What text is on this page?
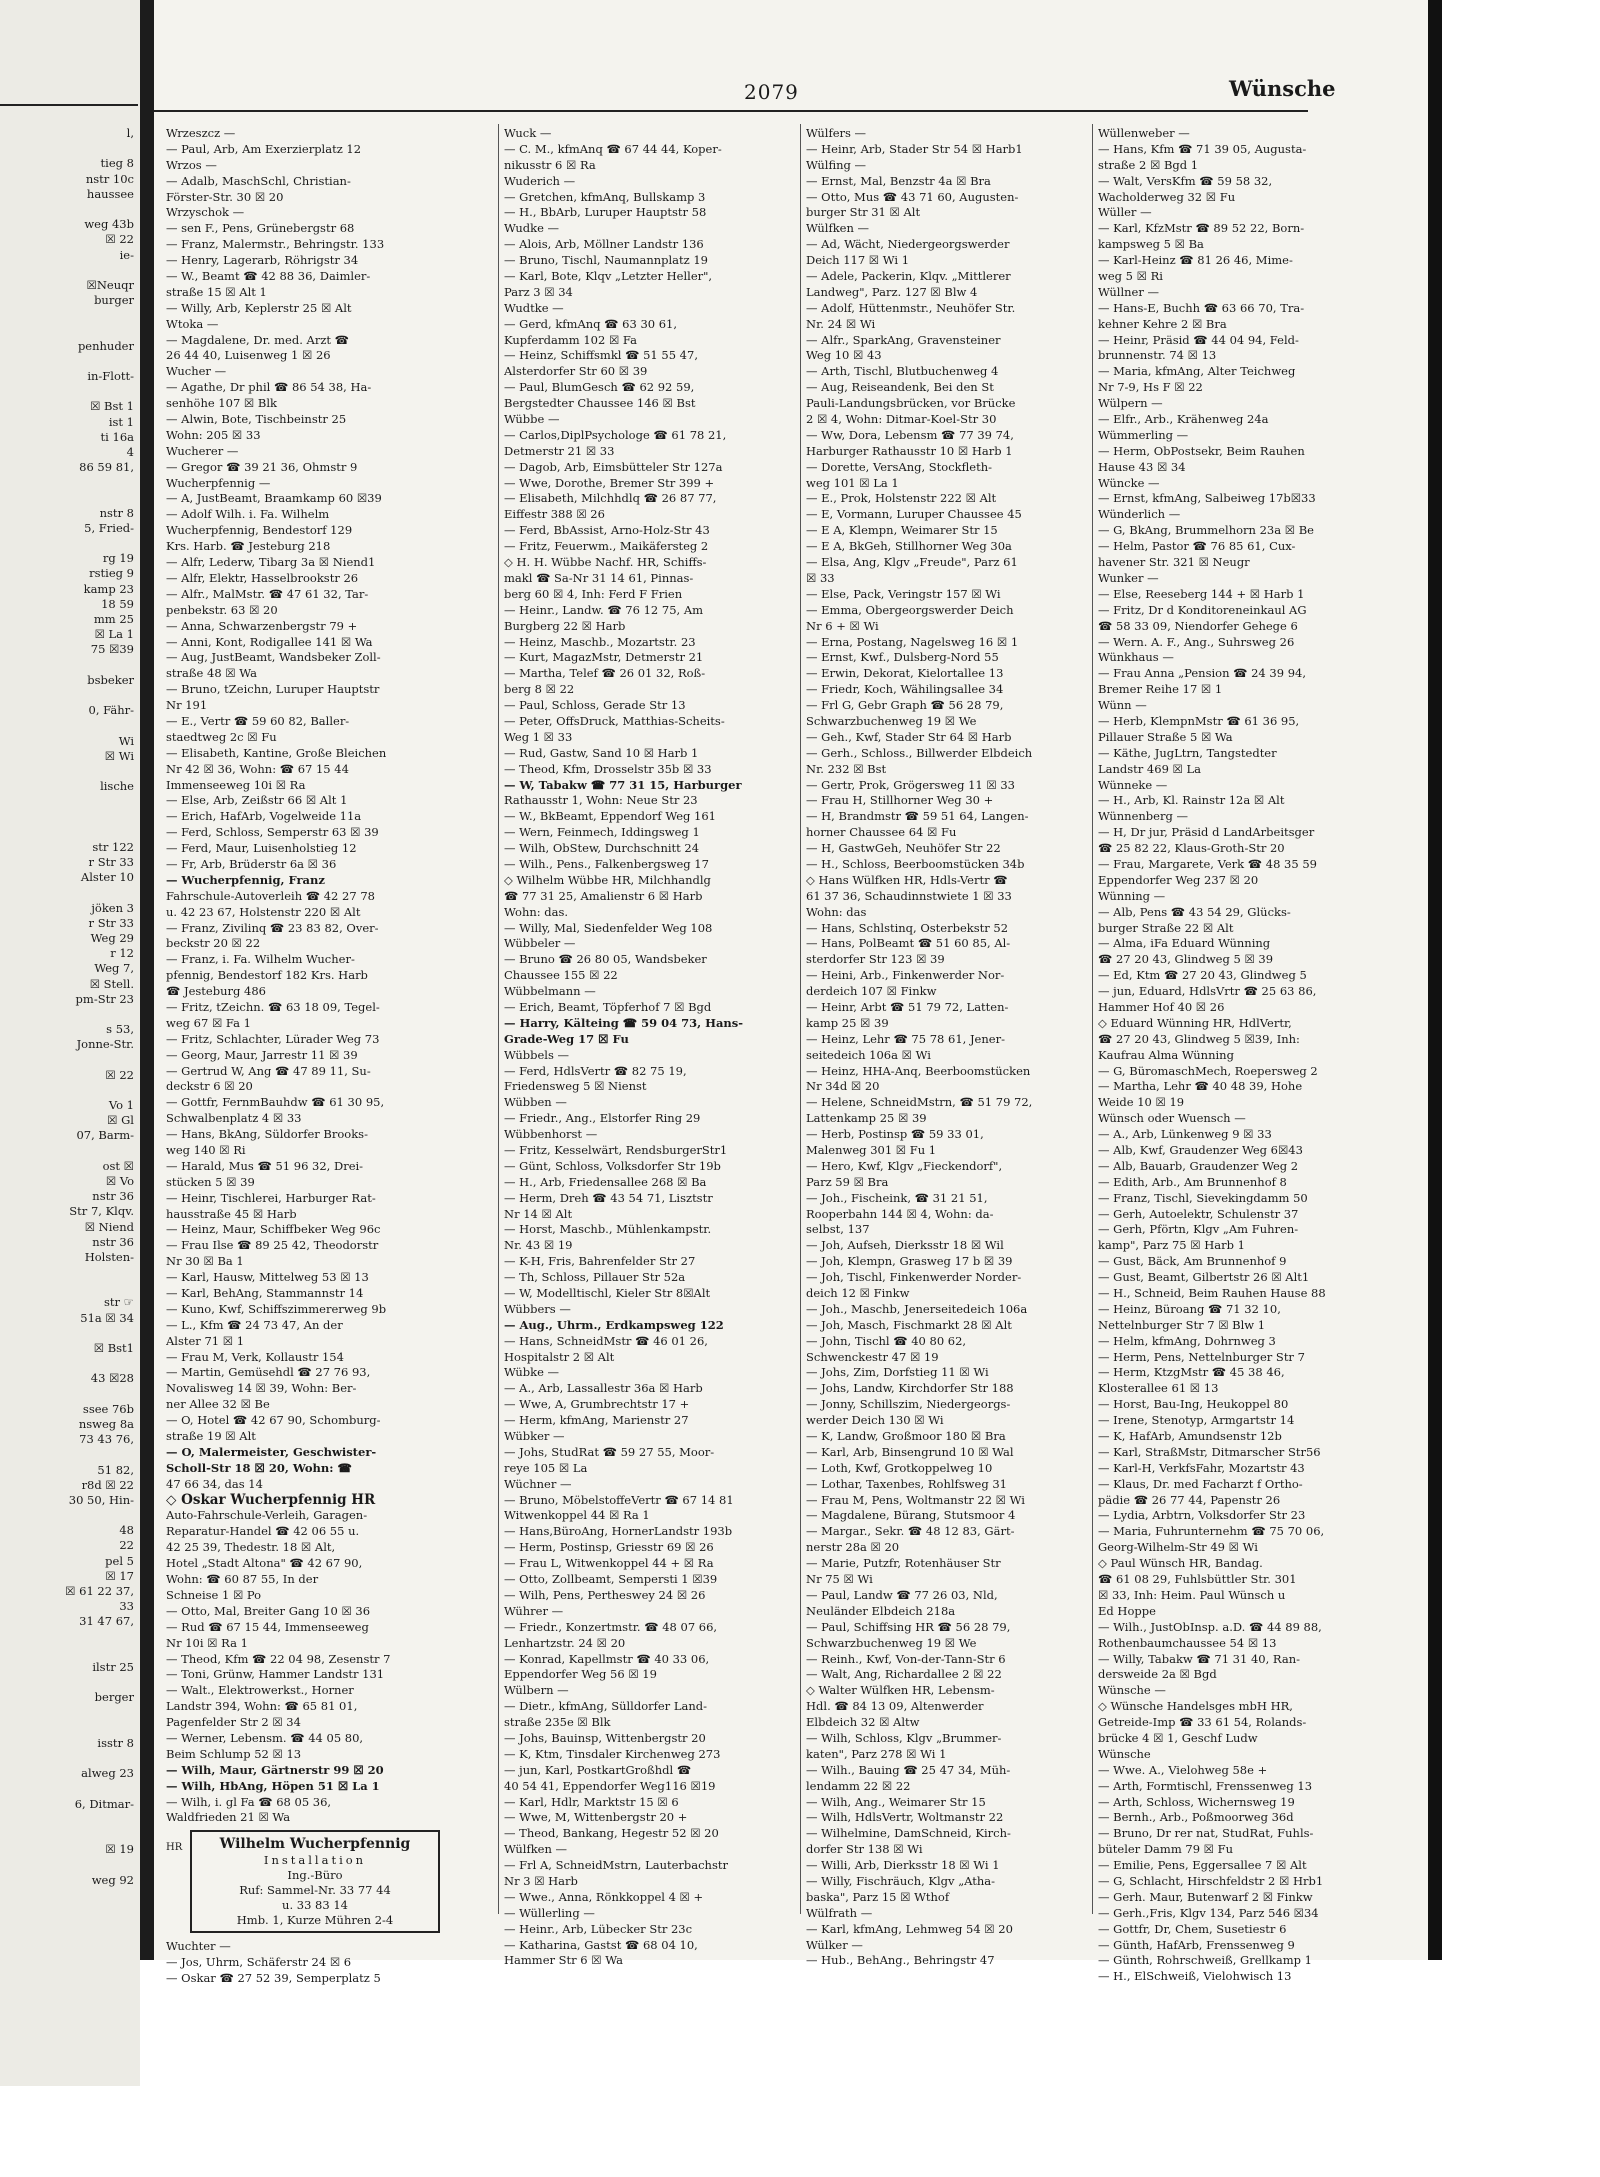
l,
tieg 8
nstr 10c
haussee
weg 43b
☒ 22
ie-
☒Neuqr
burger
penhuder
in-Flott-
☒ Bst 1
ist 1
ti 16a
4
86 59 81,
nstr 8
5, Fried-
rg 19
rstieg 9
kamp 23
18 59
mm 25
☒ La 1
75 ☒39
bsbeker
0, Fähr-
Wi
☒ Wi
lische
str 122
r Str 33
Alster 10
jöken 3
r Str 33
Weg 29
r 12
Weg 7,
☒ Stell.
pm-Str 23
s 53,
Jonne-Str.
☒ 22
Vo 1
☒ Gl
07, Barm-
ost ☒
☒ Vo
nstr 36
Str 7, Klqv.
☒ Niend
nstr 36
Holsten-
str ☞
51a ☒ 34
☒ Bst1
43 ☒28
ssee 76b
nsweg 8a
73 43 76,
51 82,
r8d ☒ 22
30 50, Hin-
48
22
pel 5
☒ 17
☒ 61 22 37,
33
31 47 67,
ilstr 25
berger
isstr 8
alweg 23
6, Ditmar-
☒ 19
weg 92
2079	Wünsche
Wrzeszcz —
— Paul, Arb, Am Exerzierplatz 12
Wrzos —
— Adalb, MaschSchl, Christian-
Förster-Str. 30 ☒ 20
Wrzyschok —
— sen F., Pens, Grünebergstr 68
— Franz, Malermstr., Behringstr. 133
— Henry, Lagerarb, Röhrigstr 34
— W., Beamt ☎ 42 88 36, Daimler-
straße 15 ☒ Alt 1
— Willy, Arb, Keplerstr 25 ☒ Alt
Wtoka —
— Magdalene, Dr. med. Arzt ☎
26 44 40, Luisenweg 1 ☒ 26
Wucher —
— Agathe, Dr phil ☎ 86 54 38, Ha-
senhöhe 107 ☒ Blk
— Alwin, Bote, Tischbeinstr 25
Wohn: 205 ☒ 33
Wucherer —
— Gregor ☎ 39 21 36, Ohmstr 9
Wucherpfennig —
— A, JustBeamt, Braamkamp 60 ☒39
— Adolf Wilh. i. Fa. Wilhelm
Wucherpfennig, Bendestorf 129
Krs. Harb. ☎ Jesteburg 218
— Alfr, Lederw, Tibarg 3a ☒ Niend1
— Alfr, Elektr, Hasselbrookstr 26
— Alfr., MalMstr. ☎ 47 61 32, Tar-
penbekstr. 63 ☒ 20
— Anna, Schwarzenbergstr 79 +
— Anni, Kont, Rodigallee 141 ☒ Wa
— Aug, JustBeamt, Wandsbeker Zoll-
straße 48 ☒ Wa
— Bruno, tZeichn, Luruper Hauptstr
Nr 191
— E., Vertr ☎ 59 60 82, Baller-
staedtweg 2c ☒ Fu
— Elisabeth, Kantine, Große Bleichen
Nr 42 ☒ 36, Wohn: ☎ 67 15 44
Immenseeweg 10i ☒ Ra
— Else, Arb, Zeißstr 66 ☒ Alt 1
— Erich, HafArb, Vogelweide 11a
— Ferd, Schloss, Semperstr 63 ☒ 39
— Ferd, Maur, Luisenholstieg 12
— Fr, Arb, Brüderstr 6a ☒ 36
— Wucherpfennig, Franz
Fahrschule-Autoverleih ☎ 42 27 78
u. 42 23 67, Holstenstr 220 ☒ Alt
— Franz, Zivilinq ☎ 23 83 82, Over-
beckstr 20 ☒ 22
— Franz, i. Fa. Wilhelm Wucher-
pfennig, Bendestorf 182 Krs. Harb
☎ Jesteburg 486
— Fritz, tZeichn. ☎ 63 18 09, Tegel-
weg 67 ☒ Fa 1
— Fritz, Schlachter, Lürader Weg 73
— Georg, Maur, Jarrestr 11 ☒ 39
— Gertrud W, Ang ☎ 47 89 11, Su-
deckstr 6 ☒ 20
— Gottfr, FernmBauhdw ☎ 61 30 95,
Schwalbenplatz 4 ☒ 33
— Hans, BkAng, Süldorfer Brooks-
weg 140 ☒ Ri
— Harald, Mus ☎ 51 96 32, Drei-
stücken 5 ☒ 39
— Heinr, Tischlerei, Harburger Rat-
hausstraße 45 ☒ Harb
— Heinz, Maur, Schiffbeker Weg 96c
— Frau Ilse ☎ 89 25 42, Theodorstr
Nr 30 ☒ Ba 1
— Karl, Hausw, Mittelweg 53 ☒ 13
— Karl, BehAng, Stammannstr 14
— Kuno, Kwf, Schiffszimmererweg 9b
— L., Kfm ☎ 24 73 47, An der
Alster 71 ☒ 1
— Frau M, Verk, Kollaustr 154
— Martin, Gemüsehdl ☎ 27 76 93,
Novalisweg 14 ☒ 39, Wohn: Ber-
ner Allee 32 ☒ Be
— O, Hotel ☎ 42 67 90, Schomburg-
straße 19 ☒ Alt
— O, Malermeister, Geschwister-
Scholl-Str 18 ☒ 20, Wohn: ☎
47 66 34, das 14
◇ Oskar Wucherpfennig HR
Auto-Fahrschule-Verleih, Garagen-
Reparatur-Handel ☎ 42 06 55 u.
42 25 39, Thedestr. 18 ☒ Alt,
Hotel „Stadt Altona" ☎ 42 67 90,
Wohn: ☎ 60 87 55, In der
Schneise 1 ☒ Po
— Otto, Mal, Breiter Gang 10 ☒ 36
— Rud ☎ 67 15 44, Immenseeweg
Nr 10i ☒ Ra 1
— Theod, Kfm ☎ 22 04 98, Zesenstr 7
— Toni, Grünw, Hammer Landstr 131
— Walt., Elektrowerkst., Horner
Landstr 394, Wohn: ☎ 65 81 01,
Pagenfelder Str 2 ☒ 34
— Werner, Lebensm. ☎ 44 05 80,
Beim Schlump 52 ☒ 13
— Wilh, Maur, Gärtnerstr 99 ☒ 20
— Wilh, HbAng, Höpen 51 ☒ La 1
— Wilh, i. gl Fa ☎ 68 05 36,
Waldfrieden 21 ☒ Wa
HR	Wilhelm Wucherpfennig
Installation
Ing.-Büro
Ruf: Sammel-Nr. 33 77 44
u. 33 83 14
Hmb. 1, Kurze Mühren 2-4
Wuchter —
— Jos, Uhrm, Schäferstr 24 ☒ 6
— Oskar ☎ 27 52 39, Semperplatz 5
Wuck —
— C. M., kfmAnq ☎ 67 44 44, Koper-
nikusstr 6 ☒ Ra
Wuderich —
— Gretchen, kfmAnq, Bullskamp 3
— H., BbArb, Luruper Hauptstr 58
Wudke —
— Alois, Arb, Möllner Landstr 136
— Bruno, Tischl, Naumannplatz 19
— Karl, Bote, Klqv „Letzter Heller",
Parz 3 ☒ 34
Wudtke —
— Gerd, kfmAnq ☎ 63 30 61,
Kupferdamm 102 ☒ Fa
— Heinz, Schiffsmkl ☎ 51 55 47,
Alsterdorfer Str 60 ☒ 39
— Paul, BlumGesch ☎ 62 92 59,
Bergstedter Chaussee 146 ☒ Bst
Wübbe —
— Carlos,DiplPsychologe ☎ 61 78 21,
Detmerstr 21 ☒ 33
— Dagob, Arb, Eimsbütteler Str 127a
— Wwe, Dorothe, Bremer Str 399 +
— Elisabeth, Milchhdlq ☎ 26 87 77,
Eiffestr 388 ☒ 26
— Ferd, BbAssist, Arno-Holz-Str 43
— Fritz, Feuerwm., Maikäfersteg 2
◇ H. H. Wübbe Nachf. HR, Schiffs-
makl ☎ Sa-Nr 31 14 61, Pinnas-
berg 60 ☒ 4, Inh: Ferd F Frien
— Heinr., Landw. ☎ 76 12 75, Am
Burgberg 22 ☒ Harb
— Heinz, Maschb., Mozartstr. 23
— Kurt, MagazMstr, Detmerstr 21
— Martha, Telef ☎ 26 01 32, Roß-
berg 8 ☒ 22
— Paul, Schloss, Gerade Str 13
— Peter, OffsDruck, Matthias-Scheits-
Weg 1 ☒ 33
— Rud, Gastw, Sand 10 ☒ Harb 1
— Theod, Kfm, Drosselstr 35b ☒ 33
— W, Tabakw ☎ 77 31 15, Harburger
Rathausstr 1, Wohn: Neue Str 23
— W., BkBeamt, Eppendorf Weg 161
— Wern, Feinmech, Iddingsweg 1
— Wilh, ObStew, Durchschnitt 24
— Wilh., Pens., Falkenbergsweg 17
◇ Wilhelm Wübbe HR, Milchhandlg
☎ 77 31 25, Amalienstr 6 ☒ Harb
Wohn: das.
— Willy, Mal, Siedenfelder Weg 108
Wübbeler —
— Bruno ☎ 26 80 05, Wandsbeker
Chaussee 155 ☒ 22
Wübbelmann —
— Erich, Beamt, Töpferhof 7 ☒ Bgd
— Harry, Kälteing ☎ 59 04 73, Hans-
Grade-Weg 17 ☒ Fu
Wübbels —
— Ferd, HdlsVertr ☎ 82 75 19,
Friedensweg 5 ☒ Nienst
Wübben —
— Friedr., Ang., Elstorfer Ring 29
Wübbenhorst —
— Fritz, Kesselwärt, RendsburgerStr1
— Günt, Schloss, Volksdorfer Str 19b
— H., Arb, Friedensallee 268 ☒ Ba
— Herm, Dreh ☎ 43 54 71, Lisztstr
Nr 14 ☒ Alt
— Horst, Maschb., Mühlenkampstr.
Nr. 43 ☒ 19
— K-H, Fris, Bahrenfelder Str 27
— Th, Schloss, Pillauer Str 52a
— W, Modelltischl, Kieler Str 8☒Alt
Wübbers —
— Aug., Uhrm., Erdkampsweg 122
— Hans, SchneidMstr ☎ 46 01 26,
Hospitalstr 2 ☒ Alt
Wübke —
— A., Arb, Lassallestr 36a ☒ Harb
— Wwe, A, Grumbrechtstr 17 +
— Herm, kfmAng, Marienstr 27
Wübker —
— Johs, StudRat ☎ 59 27 55, Moor-
reye 105 ☒ La
Wüchner —
— Bruno, MöbelstoffeVertr ☎ 67 14 81
Witwenkoppel 44 ☒ Ra 1
— Hans,BüroAng, HornerLandstr 193b
— Herm, Postinsp, Griesstr 69 ☒ 26
— Frau L, Witwenkoppel 44 + ☒ Ra
— Otto, Zollbeamt, Sempersti 1 ☒39
— Wilh, Pens, Pertheswey 24 ☒ 26
Wührer —
— Friedr., Konzertmstr. ☎ 48 07 66,
Lenhartzstr. 24 ☒ 20
— Konrad, Kapellmstr ☎ 40 33 06,
Eppendorfer Weg 56 ☒ 19
Wülbern —
— Dietr., kfmAng, Sülldorfer Land-
straße 235e ☒ Blk
— Johs, Bauinsp, Wittenbergstr 20
— K, Ktm, Tinsdaler Kirchenweg 273
— jun, Karl, PostkartGroßhdl ☎
40 54 41, Eppendorfer Weg116 ☒19
— Karl, Hdlr, Marktstr 15 ☒ 6
— Wwe, M, Wittenbergstr 20 +
— Theod, Bankang, Hegestr 52 ☒ 20
Wülfken —
— Frl A, SchneidMstrn, Lauterbachstr
Nr 3 ☒ Harb
— Wwe., Anna, Rönkkoppel 4 ☒ +
— Wüllerling —
— Heinr., Arb, Lübecker Str 23c
— Katharina, Gastst ☎ 68 04 10,
Hammer Str 6 ☒ Wa
Wülfers —
— Heinr, Arb, Stader Str 54 ☒ Harb1
Wülfing —
— Ernst, Mal, Benzstr 4a ☒ Bra
— Otto, Mus ☎ 43 71 60, Augusten-
burger Str 31 ☒ Alt
Wülfken —
— Ad, Wächt, Niedergeorgswerder
Deich 117 ☒ Wi 1
— Adele, Packerin, Klqv. „Mittlerer
Landweg", Parz. 127 ☒ Blw 4
— Adolf, Hüttenmstr., Neuhöfer Str.
Nr. 24 ☒ Wi
— Alfr., SparkAng, Gravensteiner
Weg 10 ☒ 43
— Arth, Tischl, Blutbuchenweg 4
— Aug, Reiseandenk, Bei den St
Pauli-Landungsbrücken, vor Brücke
2 ☒ 4, Wohn: Ditmar-Koel-Str 30
— Ww, Dora, Lebensm ☎ 77 39 74,
Harburger Rathausstr 10 ☒ Harb 1
— Dorette, VersAng, Stockfleth-
weg 101 ☒ La 1
— E., Prok, Holstenstr 222 ☒ Alt
— E, Vormann, Luruper Chaussee 45
— E A, Klempn, Weimarer Str 15
— E A, BkGeh, Stillhorner Weg 30a
— Elsa, Ang, Klgv „Freude", Parz 61
☒ 33
— Else, Pack, Veringstr 157 ☒ Wi
— Emma, Obergeorgswerder Deich
Nr 6 + ☒ Wi
— Erna, Postang, Nagelsweg 16 ☒ 1
— Ernst, Kwf., Dulsberg-Nord 55
— Erwin, Dekorat, Kielortallee 13
— Friedr, Koch, Wähilingsallee 34
— Frl G, Gebr Graph ☎ 56 28 79,
Schwarzbuchenweg 19 ☒ We
— Geh., Kwf, Stader Str 64 ☒ Harb
— Gerh., Schloss., Billwerder Elbdeich
Nr. 232 ☒ Bst
— Gertr, Prok, Grögersweg 11 ☒ 33
— Frau H, Stillhorner Weg 30 +
— H, Brandmstr ☎ 59 51 64, Langen-
horner Chaussee 64 ☒ Fu
— H, GastwGeh, Neuhöfer Str 22
— H., Schloss, Beerboomstücken 34b
◇ Hans Wülfken HR, Hdls-Vertr ☎
61 37 36, Schaudinnstwiete 1 ☒ 33
Wohn: das
— Hans, Schlstinq, Osterbekstr 52
— Hans, PolBeamt ☎ 51 60 85, Al-
sterdorfer Str 123 ☒ 39
— Heini, Arb., Finkenwerder Nor-
derdeich 107 ☒ Finkw
— Heinr, Arbt ☎ 51 79 72, Latten-
kamp 25 ☒ 39
— Heinz, Lehr ☎ 75 78 61, Jener-
seitedeich 106a ☒ Wi
— Heinz, HHA-Anq, Beerboomstücken
Nr 34d ☒ 20
— Helene, SchneidMstrn, ☎ 51 79 72,
Lattenkamp 25 ☒ 39
— Herb, Postinsp ☎ 59 33 01,
Malenweg 301 ☒ Fu 1
— Hero, Kwf, Klgv „Fieckendorf",
Parz 59 ☒ Bra
— Joh., Fischeink, ☎ 31 21 51,
Rooperbahn 144 ☒ 4, Wohn: da-
selbst, 137
— Joh, Aufseh, Dierksstr 18 ☒ Wil
— Joh, Klempn, Grasweg 17 b ☒ 39
— Joh, Tischl, Finkenwerder Norder-
deich 12 ☒ Finkw
— Joh., Maschb, Jenerseitedeich 106a
— Joh, Masch, Fischmarkt 28 ☒ Alt
— John, Tischl ☎ 40 80 62,
Schwenckestr 47 ☒ 19
— Johs, Zim, Dorfstieg 11 ☒ Wi
— Johs, Landw, Kirchdorfer Str 188
— Jonny, Schillszim, Niedergeorgs-
werder Deich 130 ☒ Wi
— K, Landw, Großmoor 180 ☒ Bra
— Karl, Arb, Binsengrund 10 ☒ Wal
— Loth, Kwf, Grotkoppelweg 10
— Lothar, Taxenbes, Rohlfsweg 31
— Frau M, Pens, Woltmanstr 22 ☒ Wi
— Magdalene, Bürang, Stutsmoor 4
— Margar., Sekr. ☎ 48 12 83, Gärt-
nerstr 28a ☒ 20
— Marie, Putzfr, Rotenhäuser Str
Nr 75 ☒ Wi
— Paul, Landw ☎ 77 26 03, Nld,
Neuländer Elbdeich 218a
— Paul, Schiffsing HR ☎ 56 28 79,
Schwarzbuchenweg 19 ☒ We
— Reinh., Kwf, Von-der-Tann-Str 6
— Walt, Ang, Richardallee 2 ☒ 22
◇ Walter Wülfken HR, Lebensm-
Hdl. ☎ 84 13 09, Altenwerder
Elbdeich 32 ☒ Altw
— Wilh, Schloss, Klgv „Brummer-
katen", Parz 278 ☒ Wi 1
— Wilh., Bauing ☎ 25 47 34, Müh-
lendamm 22 ☒ 22
— Wilh, Ang., Weimarer Str 15
— Wilh, HdlsVertr, Woltmanstr 22
— Wilhelmine, DamSchneid, Kirch-
dorfer Str 138 ☒ Wi
— Willi, Arb, Dierksstr 18 ☒ Wi 1
— Willy, Fischräuch, Klgv „Atha-
baska", Parz 15 ☒ Wthof
Wülfrath —
— Karl, kfmAng, Lehmweg 54 ☒ 20
Wülker —
— Hub., BehAng., Behringstr 47
Wüllenweber —
— Hans, Kfm ☎ 71 39 05, Augusta-
straße 2 ☒ Bgd 1
— Walt, VersKfm ☎ 59 58 32,
Wacholderweg 32 ☒ Fu
Wüller —
— Karl, KfzMstr ☎ 89 52 22, Born-
kampsweg 5 ☒ Ba
— Karl-Heinz ☎ 81 26 46, Mime-
weg 5 ☒ Ri
Wüllner —
— Hans-E, Buchh ☎ 63 66 70, Tra-
kehner Kehre 2 ☒ Bra
— Heinr, Präsid ☎ 44 04 94, Feld-
brunnenstr. 74 ☒ 13
— Maria, kfmAng, Alter Teichweg
Nr 7-9, Hs F ☒ 22
Wülpern —
— Elfr., Arb., Krähenweg 24a
Wümmerling —
— Herm, ObPostsekr, Beim Rauhen
Hause 43 ☒ 34
Wüncke —
— Ernst, kfmAng, Salbeiweg 17b☒33
Wünderlich —
— G, BkAng, Brummelhorn 23a ☒ Be
— Helm, Pastor ☎ 76 85 61, Cux-
havener Str. 321 ☒ Neugr
Wunker —
— Else, Reeseberg 144 + ☒ Harb 1
— Fritz, Dr d Konditoreneinkaul AG
☎ 58 33 09, Niendorfer Gehege 6
— Wern. A. F., Ang., Suhrsweg 26
Wünkhaus —
— Frau Anna „Pension ☎ 24 39 94,
Bremer Reihe 17 ☒ 1
Wünn —
— Herb, KlempnMstr ☎ 61 36 95,
Pillauer Straße 5 ☒ Wa
— Käthe, JugLtrn, Tangstedter
Landstr 469 ☒ La
Wünneke —
— H., Arb, Kl. Rainstr 12a ☒ Alt
Wünnenberg —
— H, Dr jur, Präsid d LandArbeitsger
☎ 25 82 22, Klaus-Groth-Str 20
— Frau, Margarete, Verk ☎ 48 35 59
Eppendorfer Weg 237 ☒ 20
Wünning —
— Alb, Pens ☎ 43 54 29, Glücks-
burger Straße 22 ☒ Alt
— Alma, iFa Eduard Wünning
☎ 27 20 43, Glindweg 5 ☒ 39
— Ed, Ktm ☎ 27 20 43, Glindweg 5
— jun, Eduard, HdlsVrtr ☎ 25 63 86,
Hammer Hof 40 ☒ 26
◇ Eduard Wünning HR, HdlVertr,
☎ 27 20 43, Glindweg 5 ☒39, Inh:
Kaufrau Alma Wünning
— G, BüromaschMech, Roepersweg 2
— Martha, Lehr ☎ 40 48 39, Hohe
Weide 10 ☒ 19
Wünsch oder Wuensch —
— A., Arb, Lünkenweg 9 ☒ 33
— Alb, Kwf, Graudenzer Weg 6☒43
— Alb, Bauarb, Graudenzer Weg 2
— Edith, Arb., Am Brunnenhof 8
— Franz, Tischl, Sievekingdamm 50
— Gerh, Autoelektr, Schulenstr 37
— Gerh, Pförtn, Klgv „Am Fuhren-
kamp", Parz 75 ☒ Harb 1
— Gust, Bäck, Am Brunnenhof 9
— Gust, Beamt, Gilbertstr 26 ☒ Alt1
— H., Schneid, Beim Rauhen Hause 88
— Heinz, Büroang ☎ 71 32 10,
Nettelnburger Str 7 ☒ Blw 1
— Helm, kfmAng, Dohrnweg 3
— Herm, Pens, Nettelnburger Str 7
— Herm, KtzgMstr ☎ 45 38 46,
Klosterallee 61 ☒ 13
— Horst, Bau-Ing, Heukoppel 80
— Irene, Stenotyp, Armgartstr 14
— K, HafArb, Amundsenstr 12b
— Karl, StraßMstr, Ditmarscher Str56
— Karl-H, VerkfsFahr, Mozartstr 43
— Klaus, Dr. med Facharzt f Ortho-
pädie ☎ 26 77 44, Papenstr 26
— Lydia, Arbtrn, Volksdorfer Str 23
— Maria, Fuhrunternehm ☎ 75 70 06,
Georg-Wilhelm-Str 49 ☒ Wi
◇ Paul Wünsch HR, Bandag.
☎ 61 08 29, Fuhlsbüttler Str. 301
☒ 33, Inh: Heim. Paul Wünsch u
Ed Hoppe
— Wilh., JustObInsp. a.D. ☎ 44 89 88,
Rothenbaumchaussee 54 ☒ 13
— Willy, Tabakw ☎ 71 31 40, Ran-
dersweide 2a ☒ Bgd
Wünsche —
◇ Wünsche Handelsges mbH HR,
Getreide-Imp ☎ 33 61 54, Rolands-
brücke 4 ☒ 1, Geschf Ludw
Wünsche
— Wwe. A., Vielohweg 58e +
— Arth, Formtischl, Frenssenweg 13
— Arth, Schloss, Wichernsweg 19
— Bernh., Arb., Poßmoorweg 36d
— Bruno, Dr rer nat, StudRat, Fuhls-
büteler Damm 79 ☒ Fu
— Emilie, Pens, Eggersallee 7 ☒ Alt
— G, Schlacht, Hirschfeldstr 2 ☒ Hrb1
— Gerh. Maur, Butenwarf 2 ☒ Finkw
— Gerh.,Fris, Klgv 134, Parz 546 ☒34
— Gottfr, Dr, Chem, Susetiestr 6
— Günth, HafArb, Frenssenweg 9
— Günth, Rohrschweiß, Grellkamp 1
— H., ElSchweiß, Vielohwisch 13
